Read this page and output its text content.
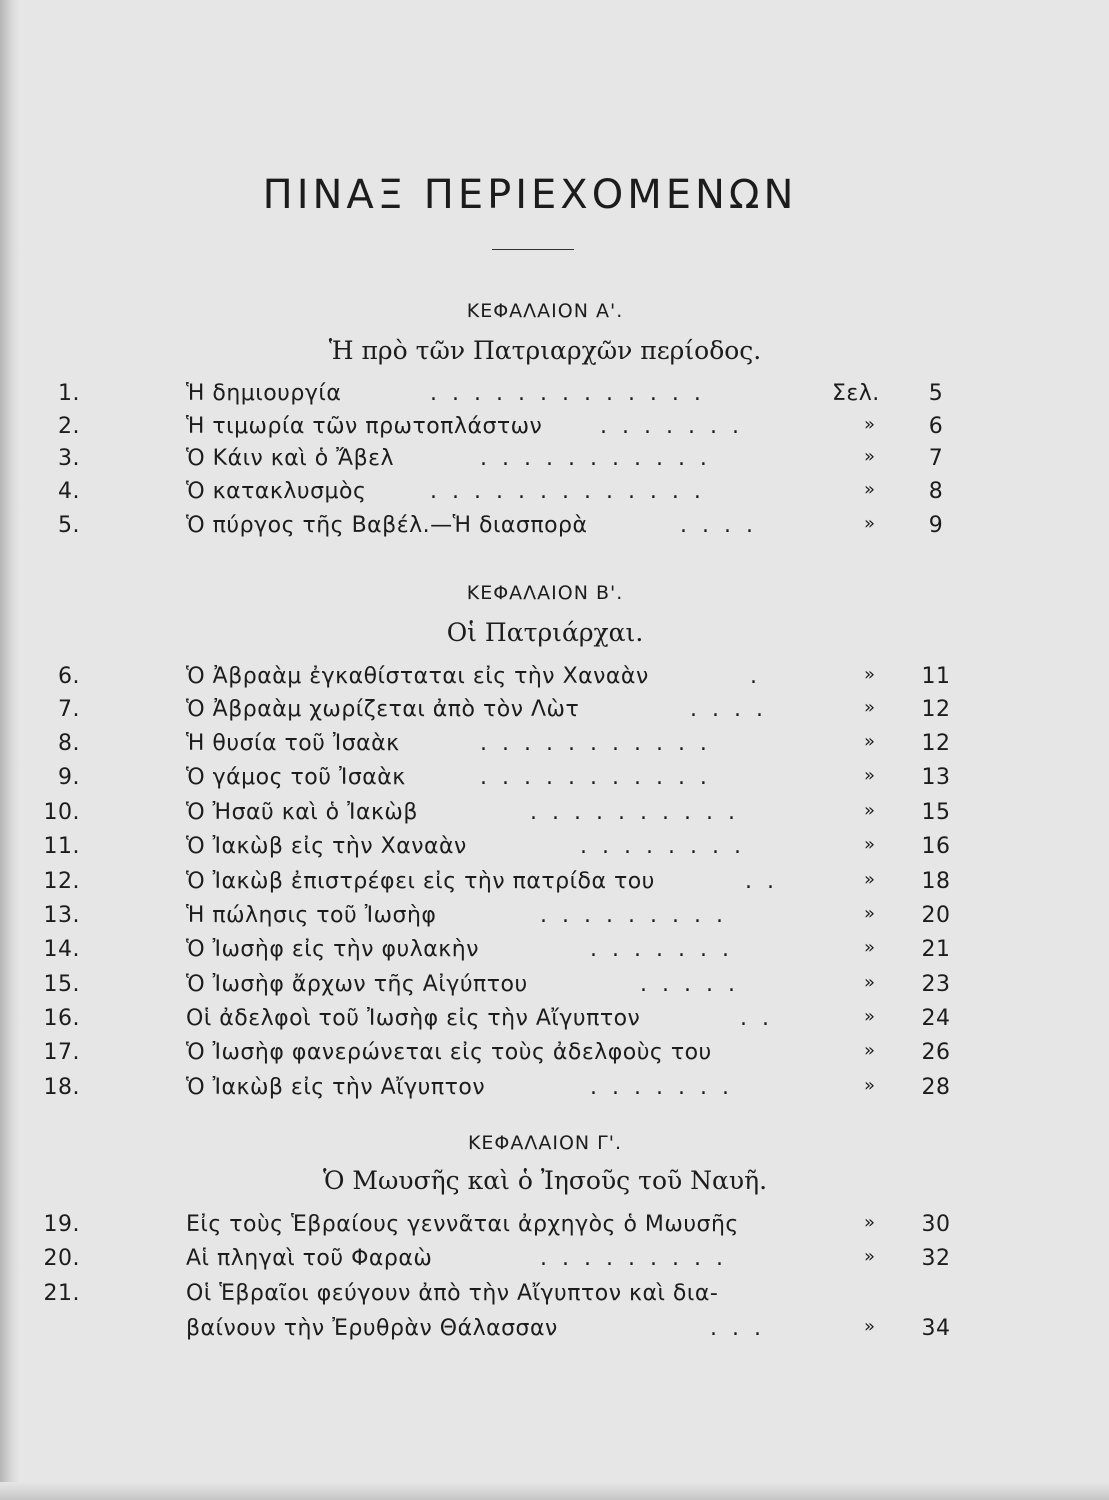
ΠΙΝΑΞ ΠΕΡΙΕΧΟΜΕΝΩΝ
ΚΕΦΑΛΑΙΟΝ Α'.
Ἡ πρὸ τῶν Πατριαρχῶν περίοδος.
ΚΕΦΑΛΑΙΟΝ Β'.
Οἱ Πατριάρχαι.
ΚΕΦΑΛΑΙΟΝ Γ'.
Ὁ Μωυσῆς καὶ ὁ Ἰησοῦς τοῦ Ναυῆ.
1.	Ἡ δημιουργία	.............	Σελ.	5
2.	Ἡ τιμωρία τῶν πρωτοπλάστων	.......	»	6
3.	Ὁ Κάιν καὶ ὁ Ἄβελ	...........	»	7
4.	Ὁ κατακλυσμὸς	.............	»	8
5.	Ὁ πύργος τῆς Βαβέλ.—Ἡ διασπορὰ	....	»	9
6.	Ὁ Ἀβραὰμ ἐγκαθίσταται εἰς τὴν Χαναὰν	.	»	11
7.	Ὁ Ἀβραὰμ χωρίζεται ἀπὸ τὸν Λὼτ	....	»	12
8.	Ἡ θυσία τοῦ Ἰσαὰκ	...........	»	12
9.	Ὁ γάμος τοῦ Ἰσαὰκ	...........	»	13
10.	Ὁ Ἠσαῦ καὶ ὁ Ἰακὼβ	..........	»	15
11.	Ὁ Ἰακὼβ εἰς τὴν Χαναὰν	........	»	16
12.	Ὁ Ἰακὼβ ἐπιστρέφει εἰς τὴν πατρίδα του	..	»	18
13.	Ἡ πώλησις τοῦ Ἰωσὴφ	.........	»	20
14.	Ὁ Ἰωσὴφ εἰς τὴν φυλακὴν	.......	»	21
15.	Ὁ Ἰωσὴφ ἄρχων τῆς Αἰγύπτου	.....	»	23
16.	Οἱ ἀδελφοὶ τοῦ Ἰωσὴφ εἰς τὴν Αἴγυπτον	..	»	24
17.	Ὁ Ἰωσὴφ φανερώνεται εἰς τοὺς ἀδελφοὺς του	»	26
18.	Ὁ Ἰακὼβ εἰς τὴν Αἴγυπτον	.......	»	28
19.	Εἰς τοὺς Ἑβραίους γεννᾶται ἀρχηγὸς ὁ Μωυσῆς	»	30
20.	Αἱ πληγαὶ τοῦ Φαραὼ	.........	»	32
21.	Οἱ Ἑβραῖοι φεύγουν ἀπὸ τὴν Αἴγυπτον καὶ δια-
βαίνουν τὴν Ἐρυθρὰν Θάλασσαν	...	»	34
